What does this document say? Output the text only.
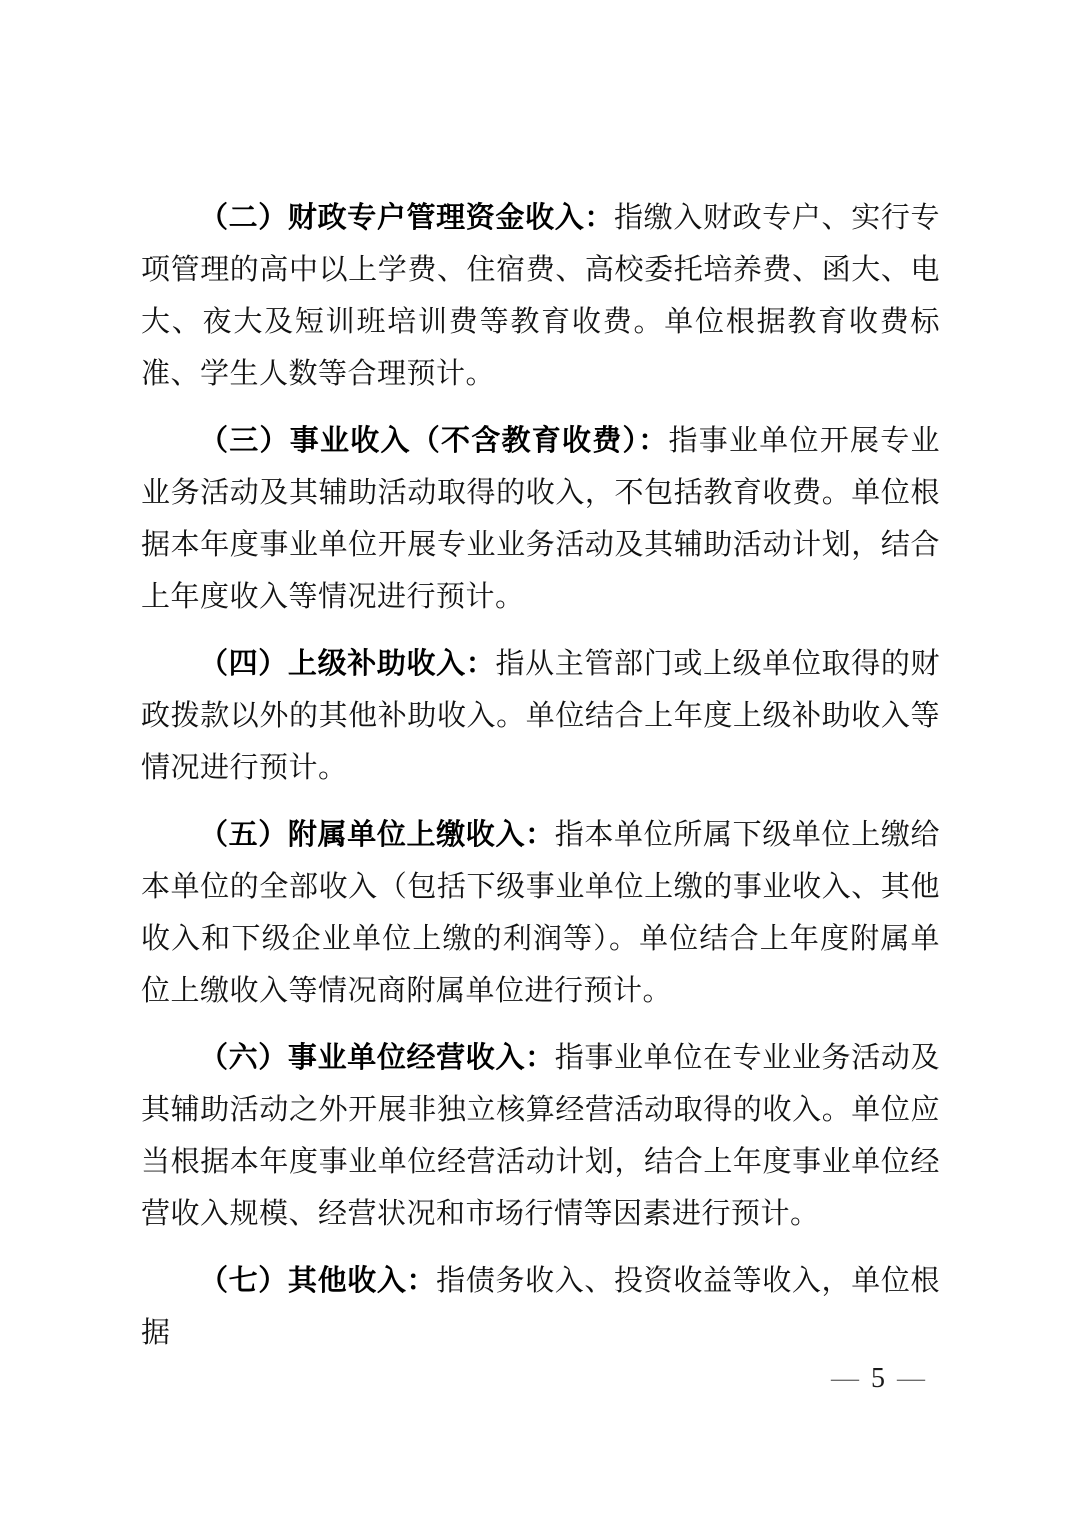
（二）财政专户管理资金收入：指缴入财政专户、实行专项管理的高中以上学费、住宿费、高校委托培养费、函大、电大、夜大及短训班培训费等教育收费。单位根据教育收费标准、学生人数等合理预计。

（三）事业收入（不含教育收费）：指事业单位开展专业业务活动及其辅助活动取得的收入，不包括教育收费。单位根据本年度事业单位开展专业业务活动及其辅助活动计划，结合上年度收入等情况进行预计。

（四）上级补助收入：指从主管部门或上级单位取得的财政拨款以外的其他补助收入。单位结合上年度上级补助收入等情况进行预计。

（五）附属单位上缴收入：指本单位所属下级单位上缴给本单位的全部收入（包括下级事业单位上缴的事业收入、其他收入和下级企业单位上缴的利润等）。单位结合上年度附属单位上缴收入等情况商附属单位进行预计。

（六）事业单位经营收入：指事业单位在专业业务活动及其辅助活动之外开展非独立核算经营活动取得的收入。单位应当根据本年度事业单位经营活动计划，结合上年度事业单位经营收入规模、经营状况和市场行情等因素进行预计。

（七）其他收入：指债务收入、投资收益等收入，单位根据

— 5 —
